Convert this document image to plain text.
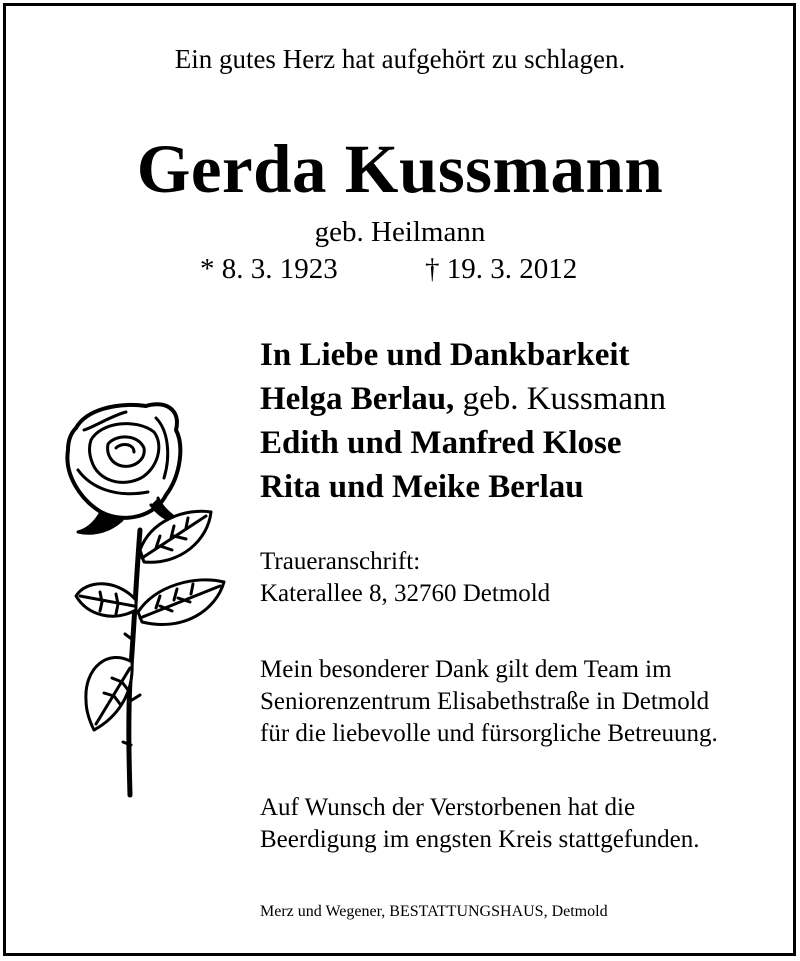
Ein gutes Herz hat aufgehört zu schlagen.
Gerda Kussmann
geb. Heilmann
* 8. 3. 1923	† 19. 3. 2012
In Liebe und Dankbarkeit
Helga Berlau, geb. Kussmann
Edith und Manfred Klose
Rita und Meike Berlau
Traueranschrift:
Katerallee 8, 32760 Detmold
Mein besonderer Dank gilt dem Team im
Seniorenzentrum Elisabethstraße in Detmold
für die liebevolle und fürsorgliche Betreuung.
Auf Wunsch der Verstorbenen hat die
Beerdigung im engsten Kreis stattgefunden.
Merz und Wegener, BESTATTUNGSHAUS, Detmold
